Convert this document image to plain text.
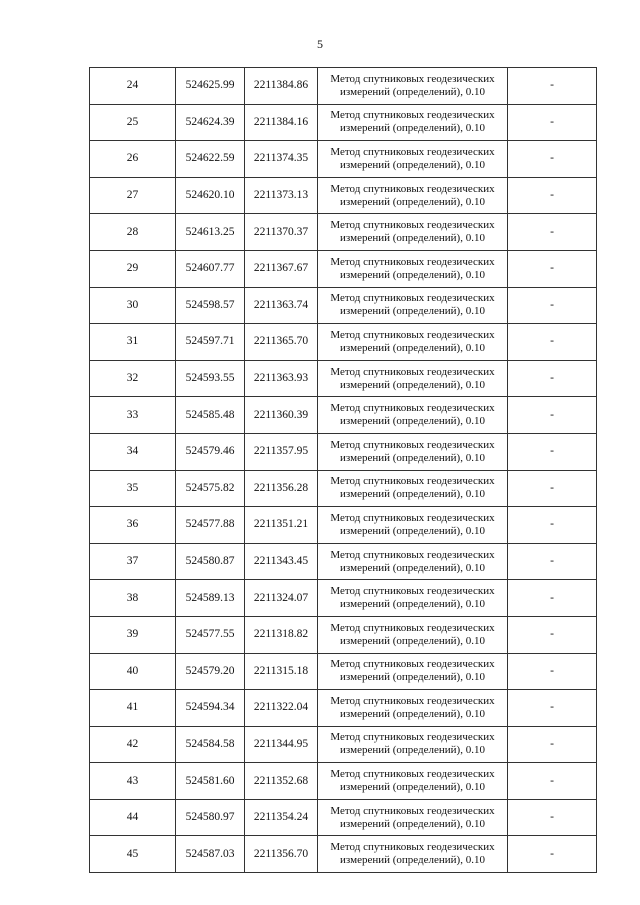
5
24	524625.99	2211384.86	Метод спутниковых геодезических
измерений (определений), 0.10	-
25	524624.39	2211384.16	Метод спутниковых геодезических
измерений (определений), 0.10	-
26	524622.59	2211374.35	Метод спутниковых геодезических
измерений (определений), 0.10	-
27	524620.10	2211373.13	Метод спутниковых геодезических
измерений (определений), 0.10	-
28	524613.25	2211370.37	Метод спутниковых геодезических
измерений (определений), 0.10	-
29	524607.77	2211367.67	Метод спутниковых геодезических
измерений (определений), 0.10	-
30	524598.57	2211363.74	Метод спутниковых геодезических
измерений (определений), 0.10	-
31	524597.71	2211365.70	Метод спутниковых геодезических
измерений (определений), 0.10	-
32	524593.55	2211363.93	Метод спутниковых геодезических
измерений (определений), 0.10	-
33	524585.48	2211360.39	Метод спутниковых геодезических
измерений (определений), 0.10	-
34	524579.46	2211357.95	Метод спутниковых геодезических
измерений (определений), 0.10	-
35	524575.82	2211356.28	Метод спутниковых геодезических
измерений (определений), 0.10	-
36	524577.88	2211351.21	Метод спутниковых геодезических
измерений (определений), 0.10	-
37	524580.87	2211343.45	Метод спутниковых геодезических
измерений (определений), 0.10	-
38	524589.13	2211324.07	Метод спутниковых геодезических
измерений (определений), 0.10	-
39	524577.55	2211318.82	Метод спутниковых геодезических
измерений (определений), 0.10	-
40	524579.20	2211315.18	Метод спутниковых геодезических
измерений (определений), 0.10	-
41	524594.34	2211322.04	Метод спутниковых геодезических
измерений (определений), 0.10	-
42	524584.58	2211344.95	Метод спутниковых геодезических
измерений (определений), 0.10	-
43	524581.60	2211352.68	Метод спутниковых геодезических
измерений (определений), 0.10	-
44	524580.97	2211354.24	Метод спутниковых геодезических
измерений (определений), 0.10	-
45	524587.03	2211356.70	Метод спутниковых геодезических
измерений (определений), 0.10	-
